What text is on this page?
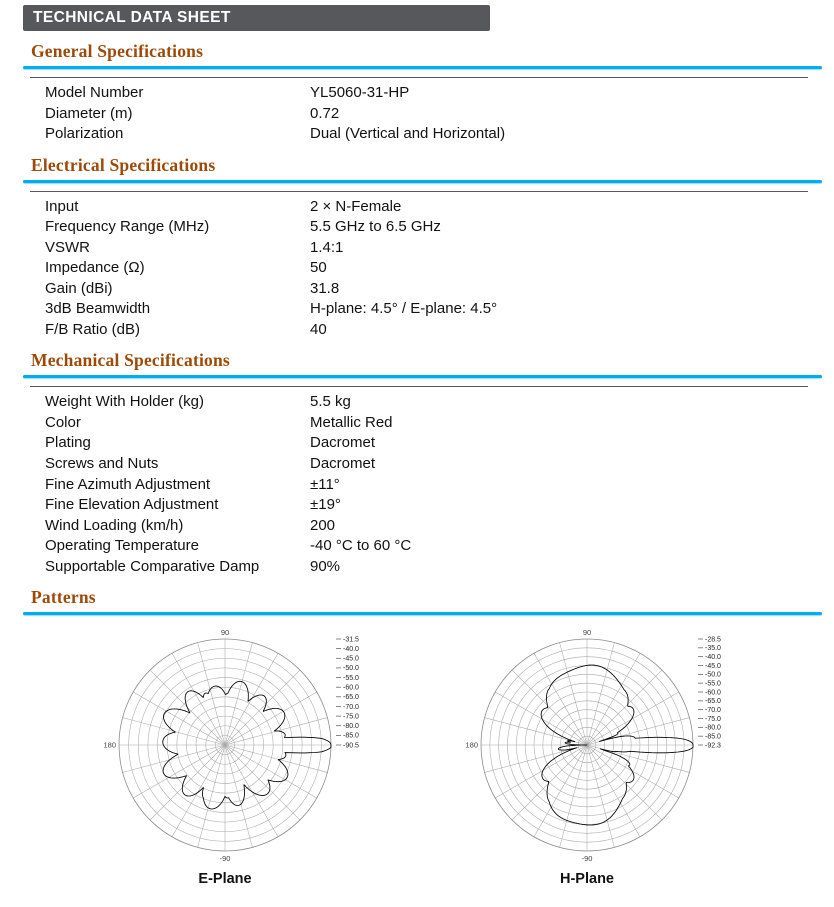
TECHNICAL DATA SHEET
General Specifications
Model Number	YL5060-31-HP
Diameter (m)	0.72
Polarization	Dual (Vertical and Horizontal)
Electrical Specifications
Input	2 × N-Female
Frequency Range (MHz)	5.5 GHz to 6.5 GHz
VSWR	1.4:1
Impedance (Ω)	50
Gain (dBi)	31.8
3dB Beamwidth	H-plane: 4.5° / E-plane: 4.5°
F/B Ratio (dB)	40
Mechanical Specifications
Weight With Holder (kg)	5.5 kg
Color	Metallic Red
Plating	Dacromet
Screws and Nuts	Dacromet
Fine Azimuth Adjustment	±11°
Fine Elevation Adjustment	±19°
Wind Loading (km/h)	200
Operating Temperature	-40 °C to 60 °C
Supportable Comparative Damp	90%
Patterns
90
180
-90
-31.5
-40.0
-45.0
-50.0
-55.0
-60.0
-65.0
-70.0
-75.0
-80.0
-85.0
-90.5
E-Plane
90
180
-90
-28.5
-35.0
-40.0
-45.0
-50.0
-55.0
-60.0
-65.0
-70.0
-75.0
-80.0
-85.0
-92.3
H-Plane
